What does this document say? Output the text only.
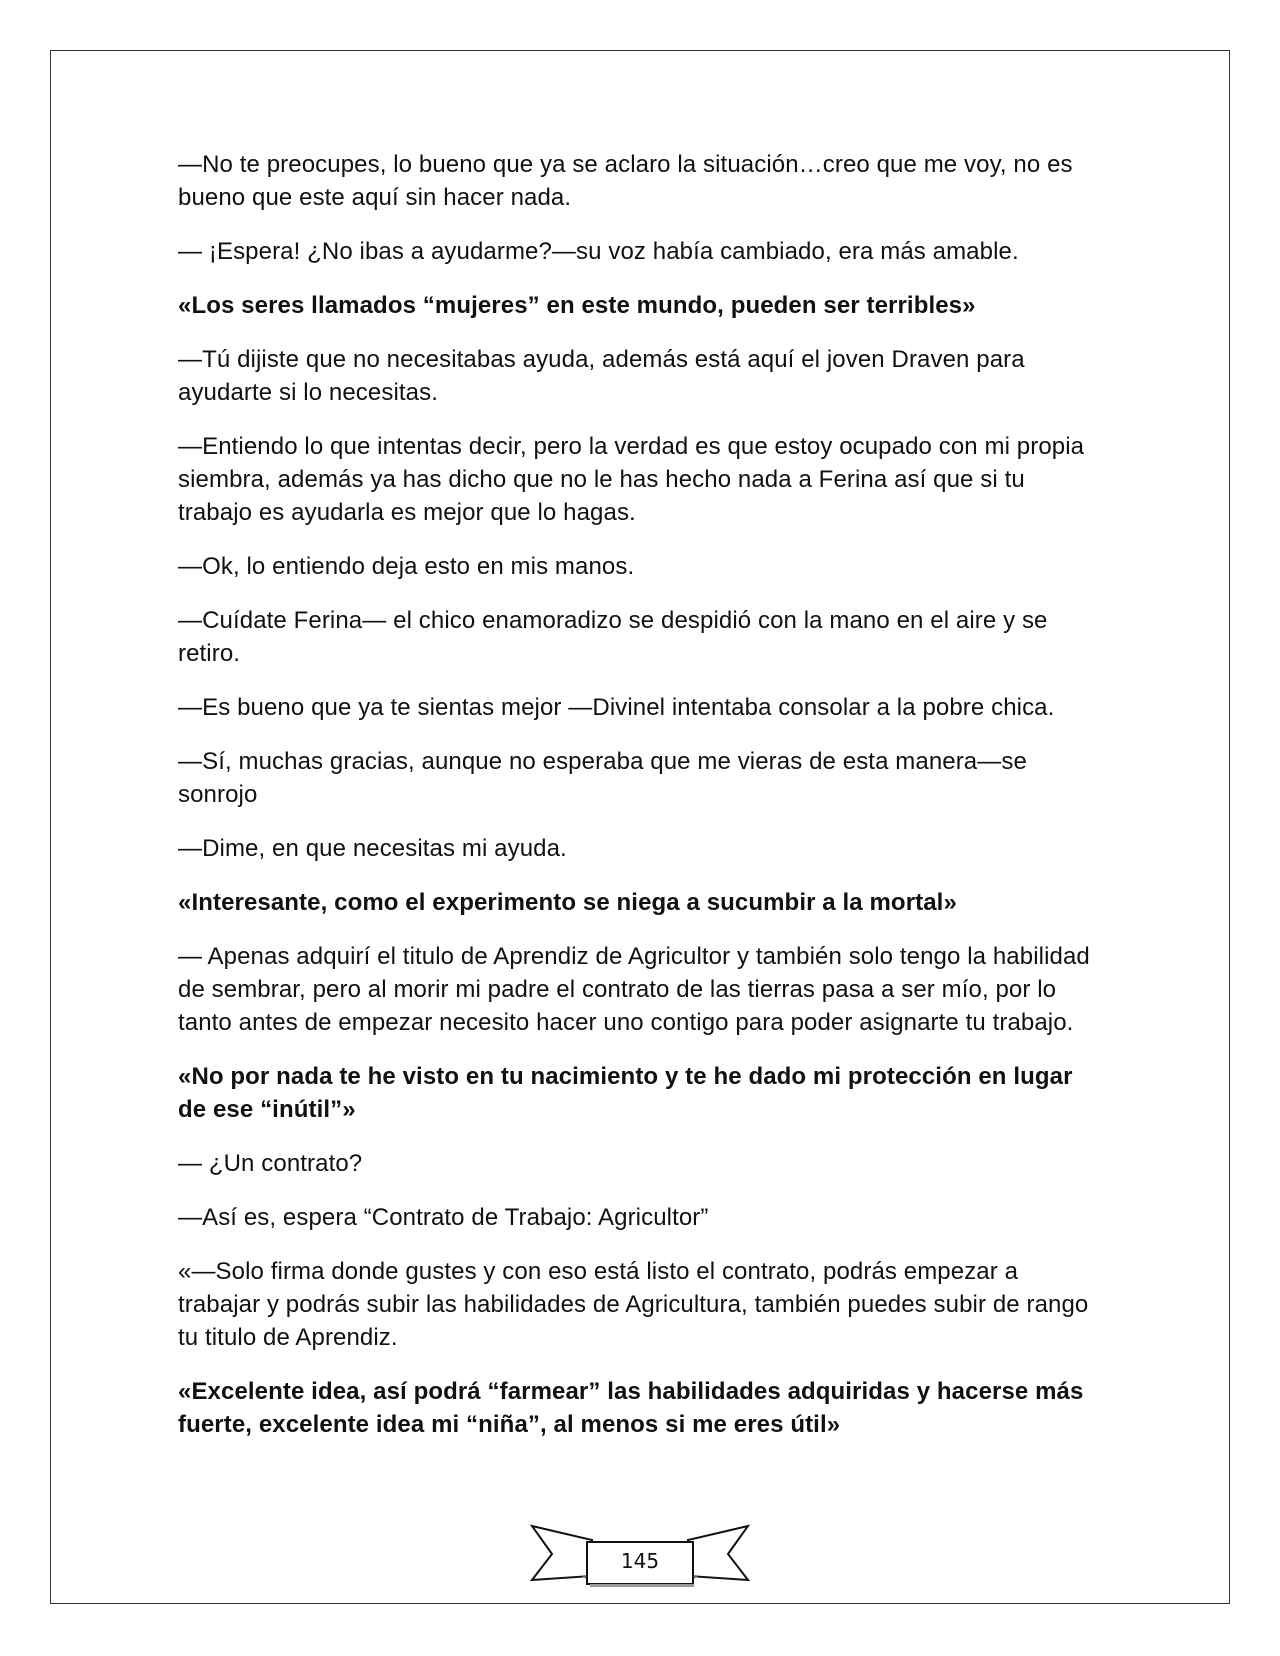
—No te preocupes, lo bueno que ya se aclaro la situación…creo que me voy, no es bueno que este aquí sin hacer nada.

— ¡Espera! ¿No ibas a ayudarme?—su voz había cambiado, era más amable.

«Los seres llamados “mujeres” en este mundo, pueden ser terribles»

—Tú dijiste que no necesitabas ayuda, además está aquí el joven Draven para ayudarte si lo necesitas.

—Entiendo lo que intentas decir, pero la verdad es que estoy ocupado con mi propia siembra, además ya has dicho que no le has hecho nada a Ferina así que si tu trabajo es ayudarla es mejor que lo hagas.

—Ok, lo entiendo deja esto en mis manos.

—Cuídate Ferina— el chico enamoradizo se despidió con la mano en el aire y se retiro.

—Es bueno que ya te sientas mejor —Divinel intentaba consolar a la pobre chica.

—Sí, muchas gracias, aunque no esperaba que me vieras de esta manera—se sonrojo

—Dime, en que necesitas mi ayuda.

«Interesante, como el experimento se niega a sucumbir a la mortal»

— Apenas adquirí el titulo de Aprendiz de Agricultor y también solo tengo la habilidad de sembrar, pero al morir mi padre el contrato de las tierras pasa a ser mío, por lo tanto antes de empezar necesito hacer uno contigo para poder asignarte tu trabajo.

«No por nada te he visto en tu nacimiento y te he dado mi protección en lugar de ese “inútil”»

— ¿Un contrato?

—Así es, espera “Contrato de Trabajo: Agricultor”

«—Solo firma donde gustes y con eso está listo el contrato, podrás empezar a trabajar y podrás subir las habilidades de Agricultura, también puedes subir de rango tu titulo de Aprendiz.

«Excelente idea, así podrá “farmear” las habilidades adquiridas y hacerse más fuerte, excelente idea mi “niña”, al menos si me eres útil»

145
